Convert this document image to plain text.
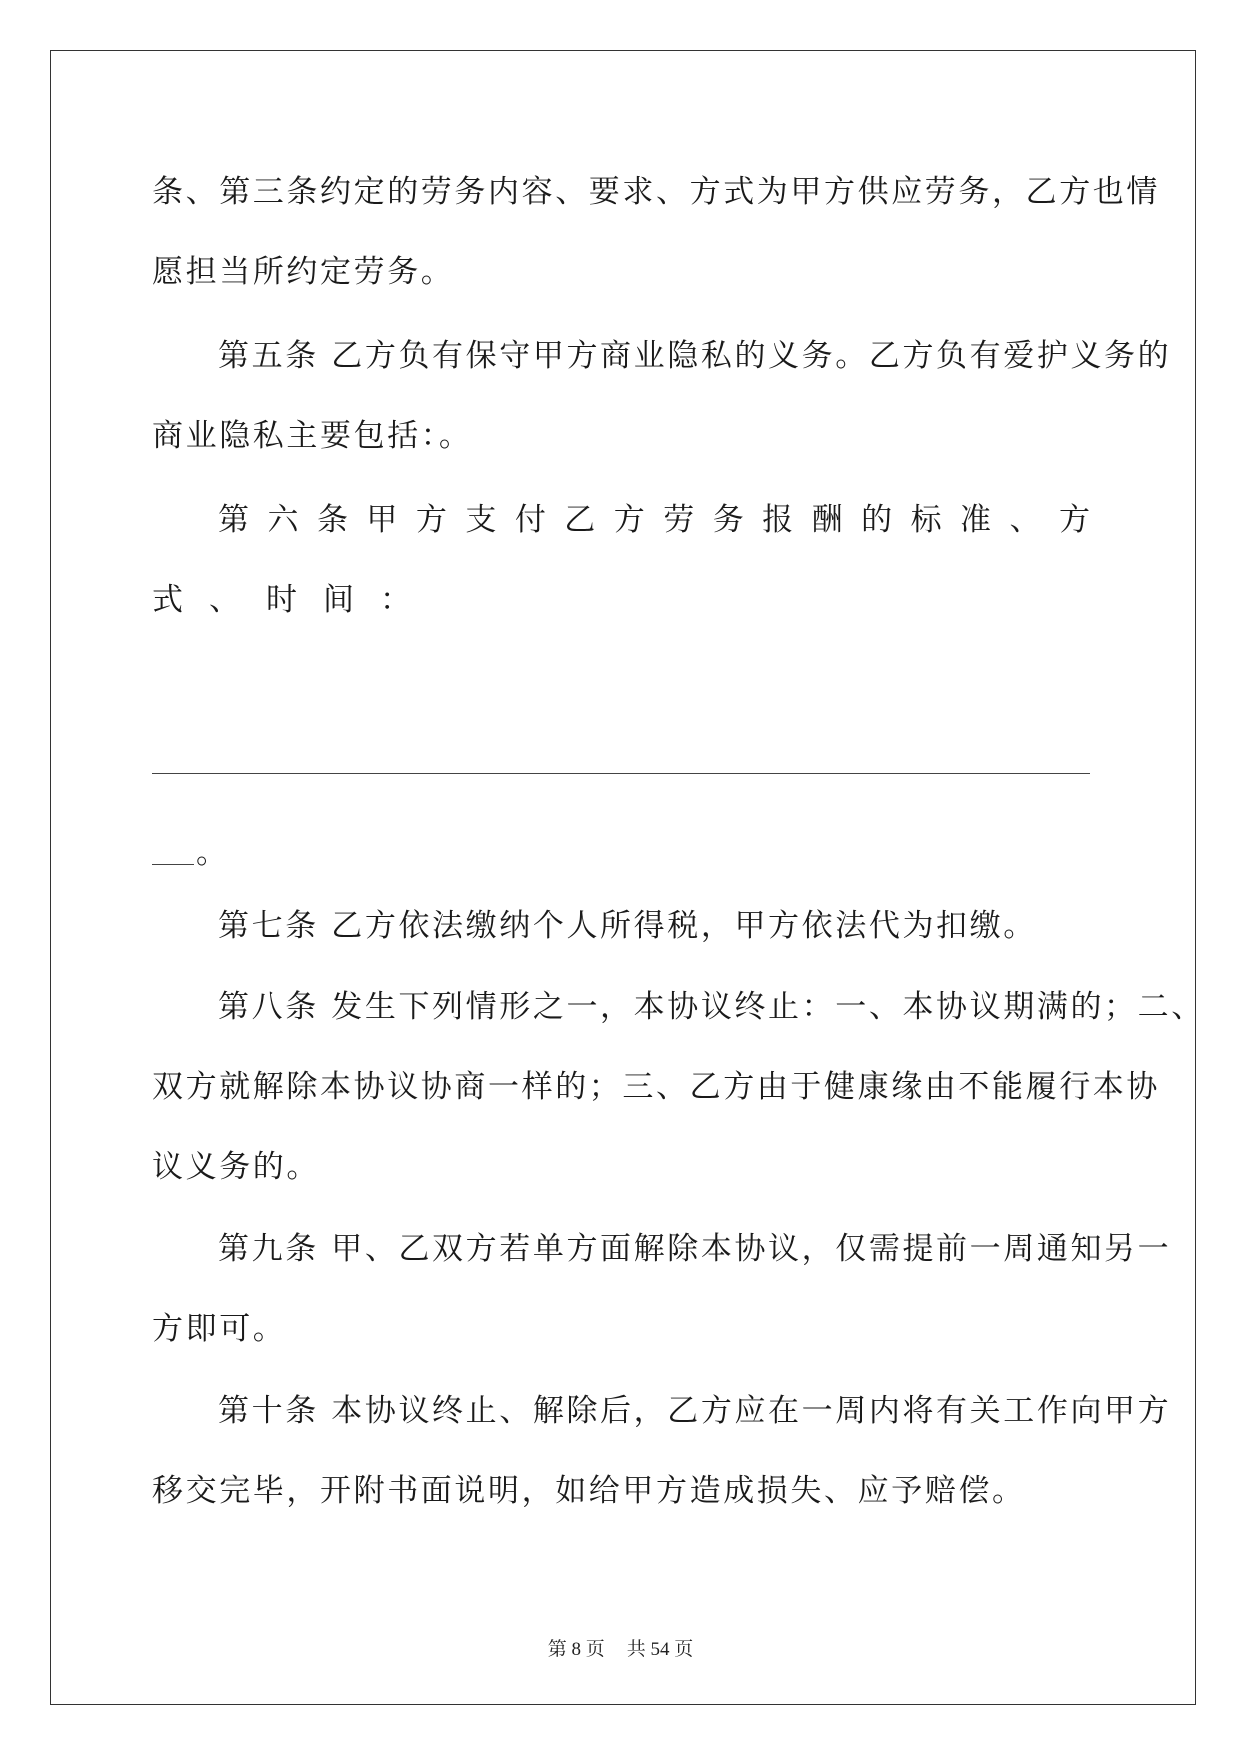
条、第三条约定的劳务内容、要求、方式为甲方供应劳务，乙方也情
愿担当所约定劳务。
第五条 乙方负有保守甲方商业隐私的义务。乙方负有爱护义务的
商业隐私主要包括：。
第 六 条 甲 方 支 付 乙 方 劳 务 报 酬 的 标 准 、 方
式、时间：
。
第七条 乙方依法缴纳个人所得税，甲方依法代为扣缴。
第八条 发生下列情形之一，本协议终止：一、本协议期满的；二、
双方就解除本协议协商一样的；三、乙方由于健康缘由不能履行本协
议义务的。
第九条 甲、乙双方若单方面解除本协议，仅需提前一周通知另一
方即可。
第十条 本协议终止、解除后，乙方应在一周内将有关工作向甲方
移交完毕，开附书面说明，如给甲方造成损失、应予赔偿。
第 8 页 共 54 页
